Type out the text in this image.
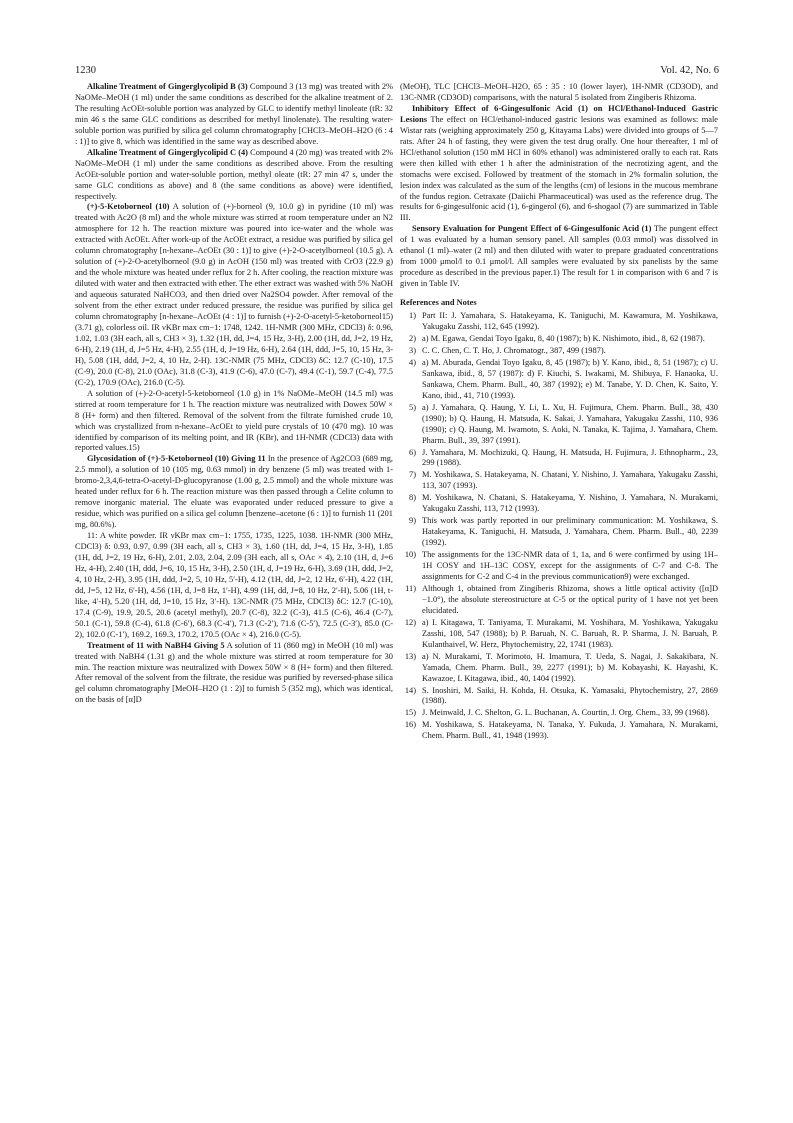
1230	Vol. 42, No. 6

Alkaline Treatment of Gingerglycolipid B (3) Compound 3 (13 mg) was treated with 2% NaOMe–MeOH (1 ml) under the same conditions as described for the alkaline treatment of 2. The resulting AcOEt-soluble portion was analyzed by GLC to identify methyl linoleate (tR: 32 min 46 s the same GLC conditions as described for methyl linolenate). The resulting water-soluble portion was purified by silica gel column chromatography [CHCl3–MeOH–H2O (6 : 4 : 1)] to give 8, which was identified in the same way as described above.

Alkaline Treatment of Gingerglycolipid C (4) Compound 4 (20 mg) was treated with 2% NaOMe–MeOH (1 ml) under the same conditions as described above. From the resulting AcOEt-soluble portion and water-soluble portion, methyl oleate (tR: 27 min 47 s, under the same GLC conditions as above) and 8 (the same conditions as above) were identified, respectively.

(+)-5-Ketoborneol (10) A solution of (+)-borneol (9, 10.0 g) in pyridine (10 ml) was treated with Ac2O (8 ml) and the whole mixture was stirred at room temperature under an N2 atmosphere for 12 h. The reaction mixture was poured into ice-water and the whole was extracted with AcOEt. After work-up of the AcOEt extract, a residue was purified by silica gel column chromatography [n-hexane–AcOEt (30 : 1)] to give (+)-2-O-acetylborneol (10.5 g). A solution of (+)-2-O-acetylborneol (9.0 g) in AcOH (150 ml) was treated with CrO3 (22.9 g) and the whole mixture was heated under reflux for 2 h. After cooling, the reaction mixture was diluted with water and then extracted with ether. The ether extract was washed with 5% NaOH and aqueous saturated NaHCO3, and then dried over Na2SO4 powder. After removal of the solvent from the ether extract under reduced pressure, the residue was purified by silica gel column chromatography [n-hexane–AcOEt (4 : 1)] to furnish (+)-2-O-acetyl-5-ketoborneol15) (3.71 g), colorless oil. IR νKBr max cm−1: 1748, 1242. 1H-NMR (300 MHz, CDCl3) δ: 0.96, 1.02, 1.03 (3H each, all s, CH3 × 3), 1.32 (1H, dd, J=4, 15 Hz, 3-H), 2.00 (1H, dd, J=2, 19 Hz, 6-H), 2.19 (1H, d, J=5 Hz, 4-H), 2.55 (1H, d, J=19 Hz, 6-H), 2.64 (1H, ddd, J=5, 10, 15 Hz, 3-H), 5.08 (1H, ddd, J=2, 4, 10 Hz, 2-H). 13C-NMR (75 MHz, CDCl3) δC: 12.7 (C-10), 17.5 (C-9), 20.0 (C-8), 21.0 (OAc), 31.8 (C-3), 41.9 (C-6), 47.0 (C-7), 49.4 (C-1), 59.7 (C-4), 77.5 (C-2), 170.9 (OAc), 216.0 (C-5).

A solution of (+)-2-O-acetyl-5-ketoborneol (1.0 g) in 1% NaOMe–MeOH (14.5 ml) was stirred at room temperature for 1 h. The reaction mixture was neutralized with Dowex 50W × 8 (H+ form) and then filtered. Removal of the solvent from the filtrate furnished crude 10, which was crystallized from n-hexane–AcOEt to yield pure crystals of 10 (470 mg). 10 was identified by comparison of its melting point, and IR (KBr), and 1H-NMR (CDCl3) data with reported values.15)

Glycosidation of (+)-5-Ketoborneol (10) Giving 11 In the presence of Ag2CO3 (689 mg, 2.5 mmol), a solution of 10 (105 mg, 0.63 mmol) in dry benzene (5 ml) was treated with 1-bromo-2,3,4,6-tetra-O-acetyl-D-glucopyranose (1.00 g, 2.5 mmol) and the whole mixture was heated under reflux for 6 h. The reaction mixture was then passed through a Celite column to remove inorganic material. The eluate was evaporated under reduced pressure to give a residue, which was purified on a silica gel column [benzene–acetone (6 : 1)] to furnish 11 (201 mg, 80.6%).

11: A white powder. IR νKBr max cm−1: 1755, 1735, 1225, 1038. 1H-NMR (300 MHz, CDCl3) δ: 0.93, 0.97, 0.99 (3H each, all s, CH3 × 3), 1.60 (1H, dd, J=4, 15 Hz, 3-H), 1.85 (1H, dd, J=2, 19 Hz, 6-H), 2.01, 2.03, 2.04, 2.09 (3H each, all s, OAc × 4), 2.10 (1H, d, J=6 Hz, 4-H), 2.40 (1H, ddd, J=6, 10, 15 Hz, 3-H), 2.50 (1H, d, J=19 Hz, 6-H), 3.69 (1H, ddd, J=2, 4, 10 Hz, 2-H), 3.95 (1H, ddd, J=2, 5, 10 Hz, 5′-H), 4.12 (1H, dd, J=2, 12 Hz, 6′-H), 4.22 (1H, dd, J=5, 12 Hz, 6′-H), 4.56 (1H, d, J=8 Hz, 1′-H), 4.99 (1H, dd, J=8, 10 Hz, 2′-H), 5.06 (1H, t-like, 4′-H), 5.20 (1H, dd, J=10, 15 Hz, 3′-H). 13C-NMR (75 MHz, CDCl3) δC: 12.7 (C-10), 17.4 (C-9), 19.9, 20.5, 20.6 (acetyl methyl), 20.7 (C-8), 32.2 (C-3), 41.5 (C-6), 46.4 (C-7), 50.1 (C-1), 59.8 (C-4), 61.8 (C-6′), 68.3 (C-4′), 71.3 (C-2′), 71.6 (C-5′), 72.5 (C-3′), 85.0 (C-2), 102.0 (C-1′), 169.2, 169.3, 170.2, 170.5 (OAc × 4), 216.0 (C-5).

Treatment of 11 with NaBH4 Giving 5 A solution of 11 (860 mg) in MeOH (10 ml) was treated with NaBH4 (1.31 g) and the whole mixture was stirred at room temperature for 30 min. The reaction mixture was neutralized with Dowex 50W × 8 (H+ form) and then filtered. After removal of the solvent from the filtrate, the residue was purified by reversed-phase silica gel column chromatography [MeOH–H2O (1 : 2)] to furnish 5 (352 mg), which was identical, on the basis of [α]D

(MeOH), TLC [CHCl3–MeOH–H2O, 65 : 35 : 10 (lower layer), 1H-NMR (CD3OD), and 13C-NMR (CD3OD) comparisons, with the natural 5 isolated from Zingiberis Rhizoma.

Inhibitory Effect of 6-Gingesulfonic Acid (1) on HCl/Ethanol-Induced Gastric Lesions The effect on HCl/ethanol-induced gastric lesions was examined as follows: male Wistar rats (weighing approximately 250 g, Kitayama Labs) were divided into groups of 5—7 rats. After 24 h of fasting, they were given the test drug orally. One hour thereafter, 1 ml of HCl/ethanol solution (150 mM HCl in 60% ethanol) was administered orally to each rat. Rats were then killed with ether 1 h after the administration of the necrotizing agent, and the stomachs were excised. Followed by treatment of the stomach in 2% formalin solution, the lesion index was calculated as the sum of the lengths (cm) of lesions in the mucous membrane of the fundus region. Cetraxate (Daiichi Pharmaceutical) was used as the reference drug. The results for 6-gingesulfonic acid (1), 6-gingerol (6), and 6-shogaol (7) are summarized in Table III.

Sensory Evaluation for Pungent Effect of 6-Gingesulfonic Acid (1) The pungent effect of 1 was evaluated by a human sensory panel. All samples (0.03 mmol) was dissolved in ethanol (1 ml)–water (2 ml) and then diluted with water to prepare graduated concentrations from 1000 μmol/l to 0.1 μmol/l. All samples were evaluated by six panelists by the same procedure as described in the previous paper.1) The result for 1 in comparison with 6 and 7 is given in Table IV.

References and Notes
1) Part II: J. Yamahara, S. Hatakeyama, K. Taniguchi, M. Kawamura, M. Yoshikawa, Yakugaku Zasshi, 112, 645 (1992).
2) a) M. Egawa, Gendai Toyo Igaku, 8, 40 (1987); b) K. Nishimoto, ibid., 8, 62 (1987).
3) C. C. Chen, C. T. Ho, J. Chromatogr., 387, 499 (1987).
4) a) M. Aburada, Gendai Toyo Igaku, 8, 45 (1987); b) Y. Kano, ibid., 8, 51 (1987); c) U. Sankawa, ibid., 8, 57 (1987): d) F. Kiuchi, S. Iwakami, M. Shibuya, F. Hanaoka, U. Sankawa, Chem. Pharm. Bull., 40, 387 (1992); e) M. Tanabe, Y. D. Chen, K. Saito, Y. Kano, ibid., 41, 710 (1993).
5) a) J. Yamahara, Q. Haung, Y. Li, L. Xu, H. Fujimura, Chem. Pharm. Bull., 38, 430 (1990); b) Q. Haung, H. Matsuda, K. Sakai, J. Yamahara, Yakugaku Zasshi, 110, 936 (1990); c) Q. Haung, M. Iwamoto, S. Aoki, N. Tanaka, K. Tajima, J. Yamahara, Chem. Pharm. Bull., 39, 397 (1991).
6) J. Yamahara, M. Mochizuki, Q. Haung, H. Matsuda, H. Fujimura, J. Ethnopharm., 23, 299 (1988).
7) M. Yoshikawa, S. Hatakeyama, N. Chatani, Y. Nishino, J. Yamahara, Yakugaku Zasshi, 113, 307 (1993).
8) M. Yoshikawa, N. Chatani, S. Hatakeyama, Y. Nishino, J. Yamahara, N. Murakami, Yakugaku Zasshi, 113, 712 (1993).
9) This work was partly reported in our preliminary communication: M. Yoshikawa, S. Hatakeyama, K. Taniguchi, H. Matsuda, J. Yamahara, Chem. Pharm. Bull., 40, 2239 (1992).
10) The assignments for the 13C-NMR data of 1, 1a, and 6 were confirmed by using 1H–1H COSY and 1H–13C COSY, except for the assignments of C-7 and C-8. The assignments for C-2 and C-4 in the previous communication9) were exchanged.
11) Although 1, obtained from Zingiberis Rhizoma, shows a little optical activity ([α]D −1.0°), the absolute stereostructure at C-5 or the optical purity of 1 have not yet been elucidated.
12) a) I. Kitagawa, T. Taniyama, T. Murakami, M. Yoshihara, M. Yoshikawa, Yakugaku Zasshi, 108, 547 (1988); b) P. Baruah, N. C. Baruah, R. P. Sharma, J. N. Baruah, P. Kulanthaivel, W. Herz, Phytochemistry, 22, 1741 (1983).
13) a) N. Murakami, T. Morimoto, H. Imamura, T. Ueda, S. Nagai, J. Sakakibara, N. Yamada, Chem. Pharm. Bull., 39, 2277 (1991); b) M. Kobayashi, K. Hayashi, K. Kawazoe, I. Kitagawa, ibid., 40, 1404 (1992).
14) S. Inoshiri, M. Saiki, H. Kohda, H. Otsuka, K. Yamasaki, Phytochemistry, 27, 2869 (1988).
15) J. Meinwald, J. C. Shelton, G. L. Buchanan, A. Courtin, J. Org. Chem., 33, 99 (1968).
16) M. Yoshikawa, S. Hatakeyama, N. Tanaka, Y. Fukuda, J. Yamahara, N. Murakami, Chem. Pharm. Bull., 41, 1948 (1993).
